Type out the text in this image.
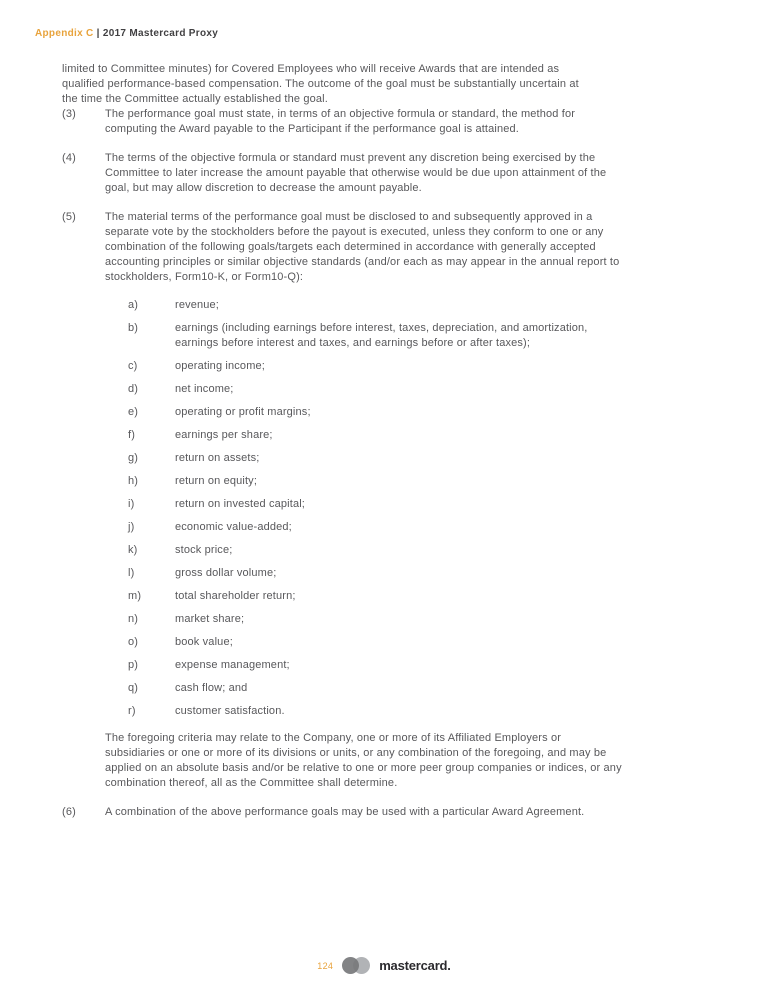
Appendix C | 2017 Mastercard Proxy

limited to Committee minutes) for Covered Employees who will receive Awards that are intended as qualified performance-based compensation. The outcome of the goal must be substantially uncertain at the time the Committee actually established the goal.

(3)	The performance goal must state, in terms of an objective formula or standard, the method for computing the Award payable to the Participant if the performance goal is attained.

(4)	The terms of the objective formula or standard must prevent any discretion being exercised by the Committee to later increase the amount payable that otherwise would be due upon attainment of the goal, but may allow discretion to decrease the amount payable.

(5)	The material terms of the performance goal must be disclosed to and subsequently approved in a separate vote by the stockholders before the payout is executed, unless they conform to one or any combination of the following goals/targets each determined in accordance with generally accepted accounting principles or similar objective standards (and/or each as may appear in the annual report to stockholders, Form10-K, or Form10-Q):

a)	revenue;
b)	earnings (including earnings before interest, taxes, depreciation, and amortization, earnings before interest and taxes, and earnings before or after taxes);
c)	operating income;
d)	net income;
e)	operating or profit margins;
f)	earnings per share;
g)	return on assets;
h)	return on equity;
i)	return on invested capital;
j)	economic value-added;
k)	stock price;
l)	gross dollar volume;
m)	total shareholder return;
n)	market share;
o)	book value;
p)	expense management;
q)	cash flow; and
r)	customer satisfaction.

The foregoing criteria may relate to the Company, one or more of its Affiliated Employers or subsidiaries or one or more of its divisions or units, or any combination of the foregoing, and may be applied on an absolute basis and/or be relative to one or more peer group companies or indices, or any combination thereof, all as the Committee shall determine.

(6)	A combination of the above performance goals may be used with a particular Award Agreement.

124	mastercard.
